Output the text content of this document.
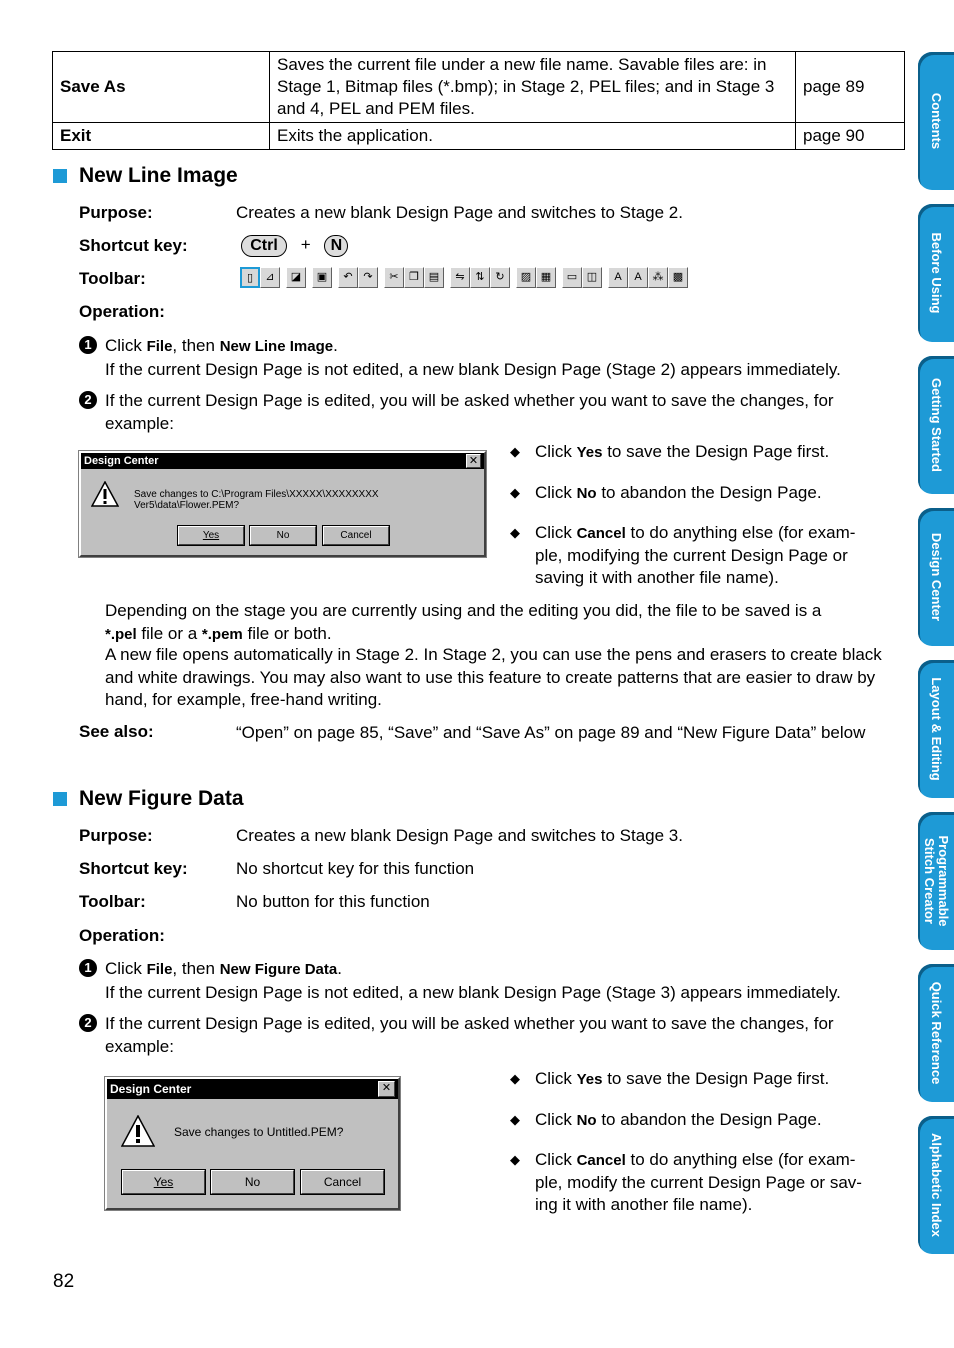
Save As	Saves the current file under a new file name. Savable files are: in Stage 1, Bitmap files (*.bmp); in Stage 2, PEL files; and in Stage 3 and 4, PEL and PEM files.	page 89
Exit	Exits the application.	page 90
New Line Image
Purpose:	Creates a new blank Design Page and switches to Stage 2.
Shortcut key:	Ctrl + N
Toolbar:	▯	⊿	◪	▣	↶ ↷	✂ ❐ ▤	⇋ ⇅ ↻	▨ ▦	▭ ◫	A	A ⁂ ▩
Operation:
1 Click File, then New Line Image.
If the current Design Page is not edited, a new blank Design Page (Stage 2) appears immediately.
2 If the current Design Page is edited, you will be asked whether you want to save the changes, for example:
Design Center	✕
Save changes to C:\Program Files\XXXXX\XXXXXXXX Ver5\data\Flower.PEM?
Yes	No	Cancel
◆ Click Yes to save the Design Page first.
◆ Click No to abandon the Design Page.
◆ Click Cancel to do anything else (for exam-
ple, modifying the current Design Page or
saving it with another file name).
Depending on the stage you are currently using and the editing you did, the file to be saved is a
*.pel file or a *.pem file or both.
A new file opens automatically in Stage 2. In Stage 2, you can use the pens and erasers to create black and white drawings. You may also want to use this feature to create patterns that are easier to draw by hand, for example, free-hand writing.
See also:	“Open” on page 85, “Save” and “Save As” on page 89 and “New Figure Data” below
New Figure Data
Purpose:	Creates a new blank Design Page and switches to Stage 3.
Shortcut key:	No shortcut key for this function
Toolbar:	No button for this function
Operation:
1 Click File, then New Figure Data.
If the current Design Page is not edited, a new blank Design Page (Stage 3) appears immediately.
2 If the current Design Page is edited, you will be asked whether you want to save the changes, for example:
Design Center	✕
Save changes to Untitled.PEM?
Yes	No	Cancel
◆ Click Yes to save the Design Page first.
◆ Click No to abandon the Design Page.
◆ Click Cancel to do anything else (for exam-
ple, modify the current Design Page or sav-
ing it with another file name).
Contents
Before Using
Getting Started
Design Center
Layout & Editing
Programmable Stitch Creator
Quick Reference
Alphabetic Index
82
